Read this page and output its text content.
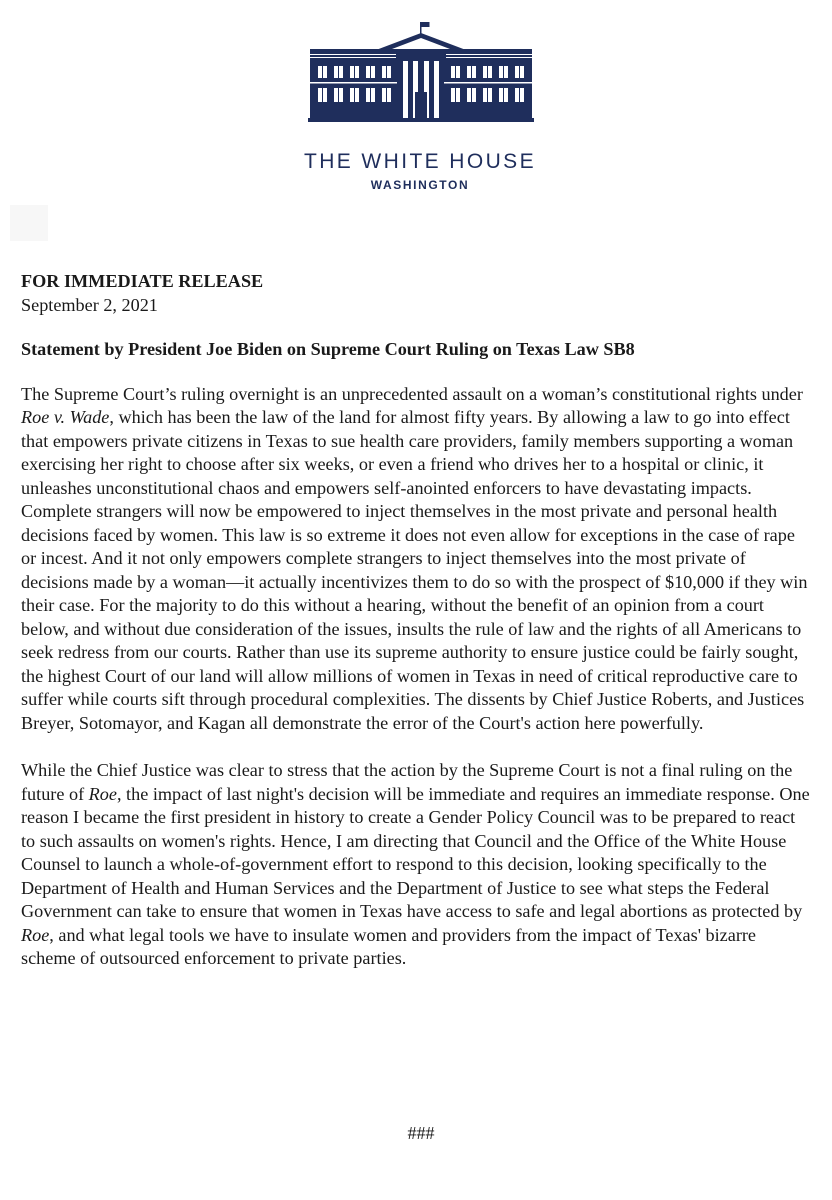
THE WHITE HOUSE
WASHINGTON

FOR IMMEDIATE RELEASE

September 2, 2021

Statement by President Joe Biden on Supreme Court Ruling on Texas Law SB8

The Supreme Court’s ruling overnight is an unprecedented assault on a woman’s constitutional rights under Roe v. Wade, which has been the law of the land for almost fifty years. By allowing a law to go into effect that empowers private citizens in Texas to sue health care providers, family members supporting a woman exercising her right to choose after six weeks, or even a friend who drives her to a hospital or clinic, it unleashes unconstitutional chaos and empowers self-anointed enforcers to have devastating impacts. Complete strangers will now be empowered to inject themselves in the most private and personal health decisions faced by women. This law is so extreme it does not even allow for exceptions in the case of rape or incest. And it not only empowers complete strangers to inject themselves into the most private of decisions made by a woman—it actually incentivizes them to do so with the prospect of $10,000 if they win their case. For the majority to do this without a hearing, without the benefit of an opinion from a court below, and without due consideration of the issues, insults the rule of law and the rights of all Americans to seek redress from our courts. Rather than use its supreme authority to ensure justice could be fairly sought, the highest Court of our land will allow millions of women in Texas in need of critical reproductive care to suffer while courts sift through procedural complexities. The dissents by Chief Justice Roberts, and Justices Breyer, Sotomayor, and Kagan all demonstrate the error of the Court's action here powerfully.

While the Chief Justice was clear to stress that the action by the Supreme Court is not a final ruling on the future of Roe, the impact of last night's decision will be immediate and requires an immediate response. One reason I became the first president in history to create a Gender Policy Council was to be prepared to react to such assaults on women's rights. Hence, I am directing that Council and the Office of the White House Counsel to launch a whole-of-government effort to respond to this decision, looking specifically to the Department of Health and Human Services and the Department of Justice to see what steps the Federal Government can take to ensure that women in Texas have access to safe and legal abortions as protected by Roe, and what legal tools we have to insulate women and providers from the impact of Texas' bizarre scheme of outsourced enforcement to private parties.

###
